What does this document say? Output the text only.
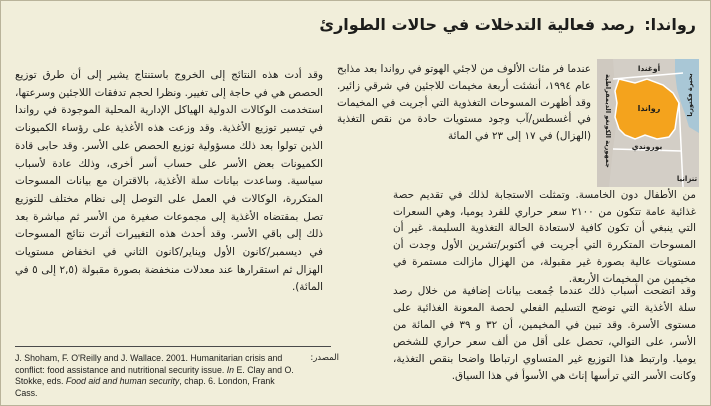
رواندا: رصد فعالية التدخلات في حالات الطوارئ
أوغندا
رواندا
تنزانيا
بوروندي
جمهورية الكونغو الديمقراطية	بحيرة فكتوريا

عندما فر مئات الألوف من لاجئي الهوتو في رواندا بعد مذابح عام ١٩٩٤، أنشئت أربعة مخيمات للاجئين في شرقي زائير. وقد أظهرت المسوحات التغذوية التي أجريت في المخيمات في أغسطس/آب وجود مستويات حادة من نقص التغذية (الهزال) في ١٧ إلى ٢٣ في المائة

من الأطفال دون الخامسة. وتمثلت الاستجابة لذلك في تقديم حصة غذائية عامة تتكون من ٢١٠٠ سعر حراري للفرد يوميا، وهي السعرات التي ينبغي أن تكون كافية لاستعادة الحالة التغذوية السليمة. غير أن المسوحات المتكررة التي أجريت في أكتوبر/تشرين الأول وجدت أن مستويات عالية بصورة غير مقبولة، من الهزال مازالت مستمرة في مخيمين من المخيمات الأربعة.

وقد اتضحت أسباب ذلك عندما جُمعت بيانات إضافية من خلال رصد سلة الأغذية التي توضح التسليم الفعلي لحصة المعونة الغذائية على مستوى الأسرة. وقد تبين في المخيمين، أن ٣٢ و ٣٩ في المائة من الأسر، على التوالي، تحصل على أقل من ألف سعر حراري للشخص يوميا. وارتبط هذا التوزيع غير المتساوي ارتباطا واضحا بنقص التغذية، وكانت الأسر التي ترأسها إناث هي الأسوأ في هذا السياق.

وقد أدت هذه النتائج إلى الخروج باستنتاج يشير إلى أن طرق توزيع الحصص هي في حاجة إلى تغيير. ونظرا لحجم تدفقات اللاجئين وسرعتها، استخدمت الوكالات الدولية الهياكل الإدارية المحلية الموجودة في رواندا في تيسير توزيع الأغذية. وقد وزعت هذه الأغذية على رؤساء الكميونات الذين تولوا بعد ذلك مسؤولية توزيع الحصص على الأسر. وقد حابى قادة الكميونات بعض الأسر على حساب أسر أخرى، وذلك عادة لأسباب سياسية. وساعدت بيانات سلة الأغذية، بالاقتران مع بيانات المسوحات المتكررة، الوكالات في العمل على التوصل إلى نظام مختلف للتوزيع تصل بمقتضاه الأغذية إلى مجموعات صغيرة من الأسر ثم مباشرة بعد ذلك إلى باقي الأسر. وقد أحدث هذه التغييرات أثرت نتائج المسوحات في ديسمبر/كانون الأول ويناير/كانون الثاني في انخفاض مستويات الهزال ثم استقرارها عند معدلات منخفضة بصورة مقبولة (٢,٥ إلى ٥ في المائة).

المصدر:
J. Shoham, F. O'Reilly and J. Wallace. 2001. Humanitarian crisis and conflict: food assistance and nutritional security issue. In E. Clay and O. Stokke, eds. Food aid and human security, chap. 6. London, Frank Cass.
